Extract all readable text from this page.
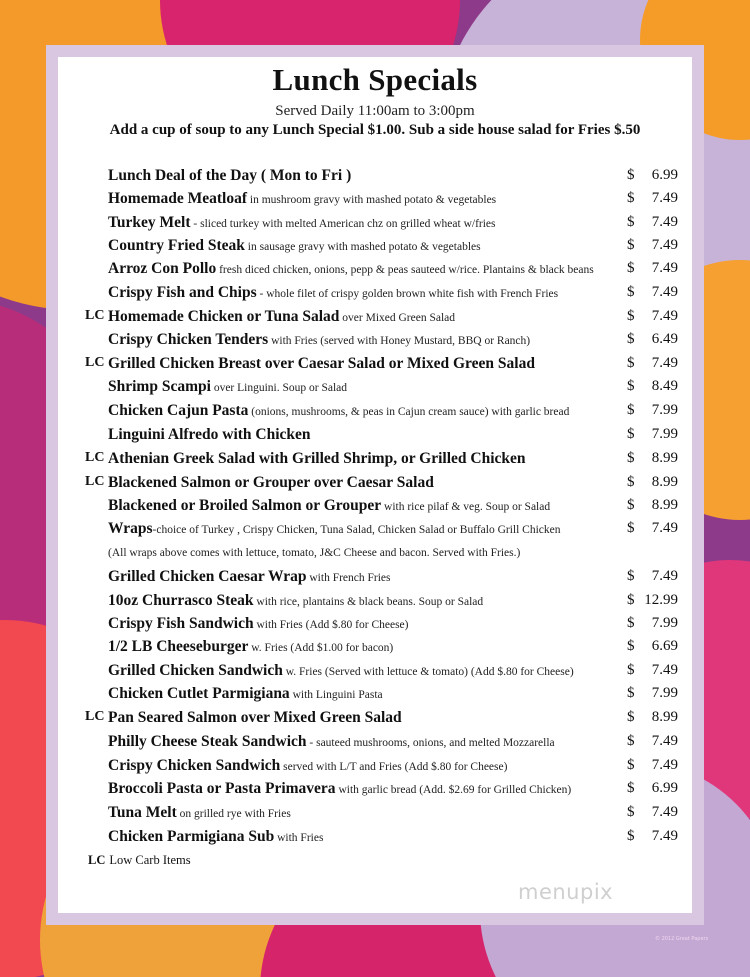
Lunch Specials
Served Daily 11:00am to 3:00pm
Add a cup of soup to any Lunch Special $1.00. Sub a side house salad for Fries $.50
Lunch Deal of the Day ( Mon to Fri )	$	6.99
Homemade Meatloaf in mushroom gravy with mashed potato & vegetables	$	7.49
Turkey Melt - sliced turkey with melted American chz on grilled wheat w/fries	$	7.49
Country Fried Steak in sausage gravy with mashed potato & vegetables	$	7.49
Arroz Con Pollo fresh diced chicken, onions, pepp & peas sauteed w/rice. Plantains & black beans $	7.49
Crispy Fish and Chips - whole filet of crispy golden brown white fish with French Fries	$	7.49
LC Homemade Chicken or Tuna Salad over Mixed Green Salad	$	7.49
Crispy Chicken Tenders with Fries (served with Honey Mustard, BBQ or Ranch)	$	6.49
LC Grilled Chicken Breast over Caesar Salad or Mixed Green Salad	$	7.49
Shrimp Scampi over Linguini. Soup or Salad	$	8.49
Chicken Cajun Pasta (onions, mushrooms, & peas in Cajun cream sauce) with garlic bread	$	7.99
Linguini Alfredo with Chicken	$	7.99
LC Athenian Greek Salad with Grilled Shrimp, or Grilled Chicken	$	8.99
LC Blackened Salmon or Grouper over Caesar Salad	$	8.99
Blackened or Broiled Salmon or Grouper with rice pilaf & veg. Soup or Salad	$	8.99
Wraps-choice of Turkey , Crispy Chicken, Tuna Salad, Chicken Salad or Buffalo Grill Chicken	$	7.49
Grilled Chicken Caesar Wrap with French Fries	$	7.49
10oz Churrasco Steak with rice, plantains & black beans. Soup or Salad	$ 12.99
Crispy Fish Sandwich with Fries (Add $.80 for Cheese)	$	7.99
1/2 LB Cheeseburger w. Fries (Add $1.00 for bacon)	$	6.69
Grilled Chicken Sandwich w. Fries (Served with lettuce & tomato) (Add $.80 for Cheese)	$	7.49
Chicken Cutlet Parmigiana with Linguini Pasta	$	7.99
LC Pan Seared Salmon over Mixed Green Salad	$	8.99
Philly Cheese Steak Sandwich - sauteed mushrooms, onions, and melted Mozzarella	$	7.49
Crispy Chicken Sandwich served with L/T and Fries (Add $.80 for Cheese)	$	7.49
Broccoli Pasta or Pasta Primavera with garlic bread (Add. $2.69 for Grilled Chicken)	$	6.99
Tuna Melt on grilled rye with Fries	$	7.49
Chicken Parmigiana Sub with Fries	$	7.49
(All wraps above comes with lettuce, tomato, J&C Cheese and bacon. Served with Fries.)
LC Low Carb Items
menupix
© 2012 Great Papers
